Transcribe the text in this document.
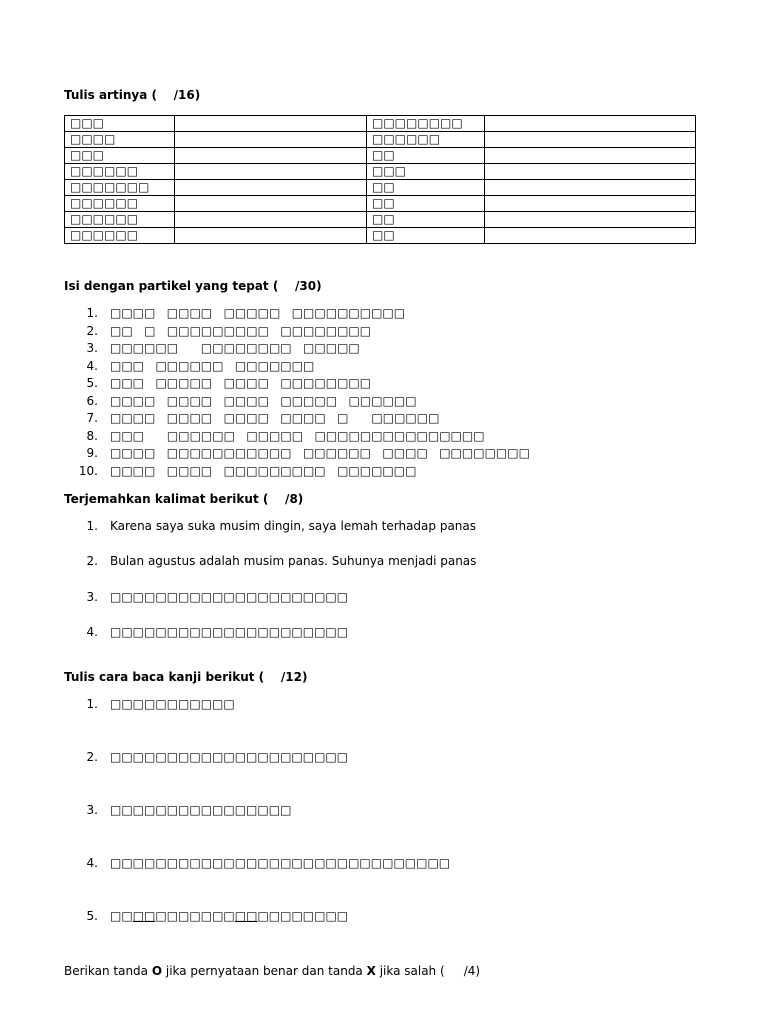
Tulis artinya (    /16)
□□□		□□□□□□□□	
□□□□		□□□□□□	
□□□		□□	
□□□□□□		□□□	
□□□□□□□		□□	
□□□□□□		□□	
□□□□□□		□□	
□□□□□□		□□	
Isi dengan partikel yang tepat (    /30)
1. □□□□   □□□□   □□□□□   □□□□□□□□□□
2. □□   □   □□□□□□□□□   □□□□□□□□
3. □□□□□□      □□□□□□□□   □□□□□
4. □□□   □□□□□□   □□□□□□□
5. □□□   □□□□□   □□□□   □□□□□□□□
6. □□□□   □□□□   □□□□   □□□□□   □□□□□□
7. □□□□   □□□□   □□□□   □□□□   □      □□□□□□
8. □□□      □□□□□□   □□□□□   □□□□□□□□□□□□□□□
9. □□□□   □□□□□□□□□□□   □□□□□□   □□□□   □□□□□□□□
10. □□□□   □□□□   □□□□□□□□□   □□□□□□□
Terjemahkan kalimat berikut (    /8)
1. Karena saya suka musim dingin, saya lemah terhadap panas
2. Bulan agustus adalah musim panas. Suhunya menjadi panas
3. □□□□□□□□□□□□□□□□□□□□□
4. □□□□□□□□□□□□□□□□□□□□□
Tulis cara baca kanji berikut (    /12)
1. □□□□□□□□□□□
2. □□□□□□□□□□□□□□□□□□□□□
3. □□□□□□□□□□□□□□□□
4. □□□□□□□□□□□□□□□□□□□□□□□□□□□□□□
5. □□□□□□□□□□□□□□□□□□□□□
Berikan tanda O jika pernyataan benar dan tanda X jika salah (     /4)
